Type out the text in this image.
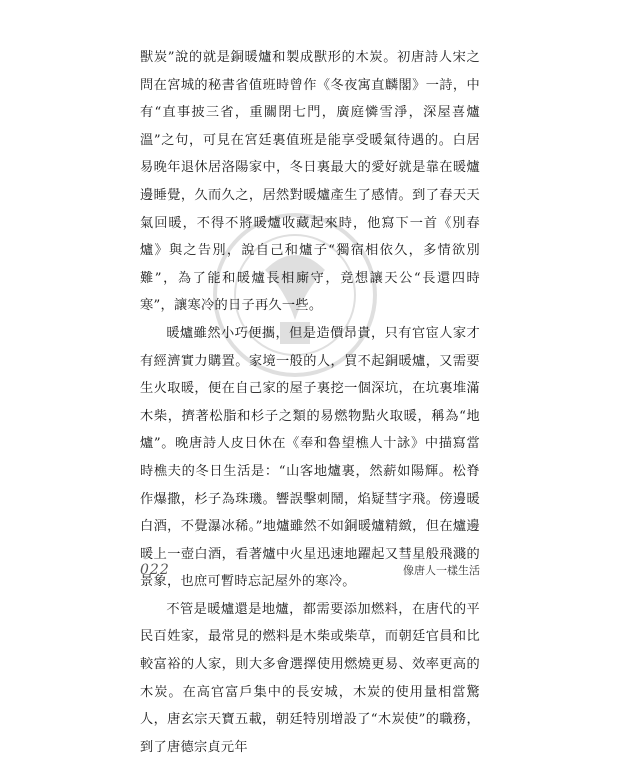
獸炭”說的就是銅暖爐和製成獸形的木炭。初唐詩人宋之問在宮城的秘書省值班時曾作《冬夜寓直麟閣》一詩，中有“直事披三省，重關閉七門，廣庭憐雪淨，深屋喜爐溫”之句，可見在宮廷裏值班是能享受暖氣待遇的。白居易晚年退休居洛陽家中，冬日裏最大的愛好就是靠在暖爐邊睡覺，久而久之，居然對暖爐產生了感情。到了春天天氣回暖，不得不將暖爐收藏起來時，他寫下一首《別春爐》與之告別，說自己和爐子“獨宿相依久，多情欲別難”，為了能和暖爐長相廝守，竟想讓天公“長還四時寒”，讓寒冷的日子再久一些。

暖爐雖然小巧便攜，但是造價昂貴，只有官宦人家才有經濟實力購置。家境一般的人，買不起銅暖爐，又需要生火取暖，便在自己家的屋子裏挖一個深坑，在坑裏堆滿木柴，擠著松脂和杉子之類的易燃物點火取暖，稱為“地爐”。晚唐詩人皮日休在《奉和魯望樵人十詠》中描寫當時樵夫的冬日生活是：“山客地爐裏，然薪如陽輝。松脊作爆撒，杉子為珠璣。響誤擊刺鬧，焰疑彗字飛。傍邊暖白酒，不覺瀑冰稀。”地爐雖然不如銅暖爐精緻，但在爐邊暖上一壺白酒，看著爐中火星迅速地躍起又彗星般飛濺的景象，也庶可暫時忘記屋外的寒冷。

不管是暖爐還是地爐，都需要添加燃料，在唐代的平民百姓家，最常見的燃料是木柴或柴草，而朝廷官員和比較富裕的人家，則大多會選擇使用燃燒更易、效率更高的木炭。在高官富戶集中的長安城，木炭的使用量相當驚人，唐玄宗天寶五載，朝廷特別增設了“木炭使”的職務，到了唐德宗貞元年

022	像唐人一樣生活
